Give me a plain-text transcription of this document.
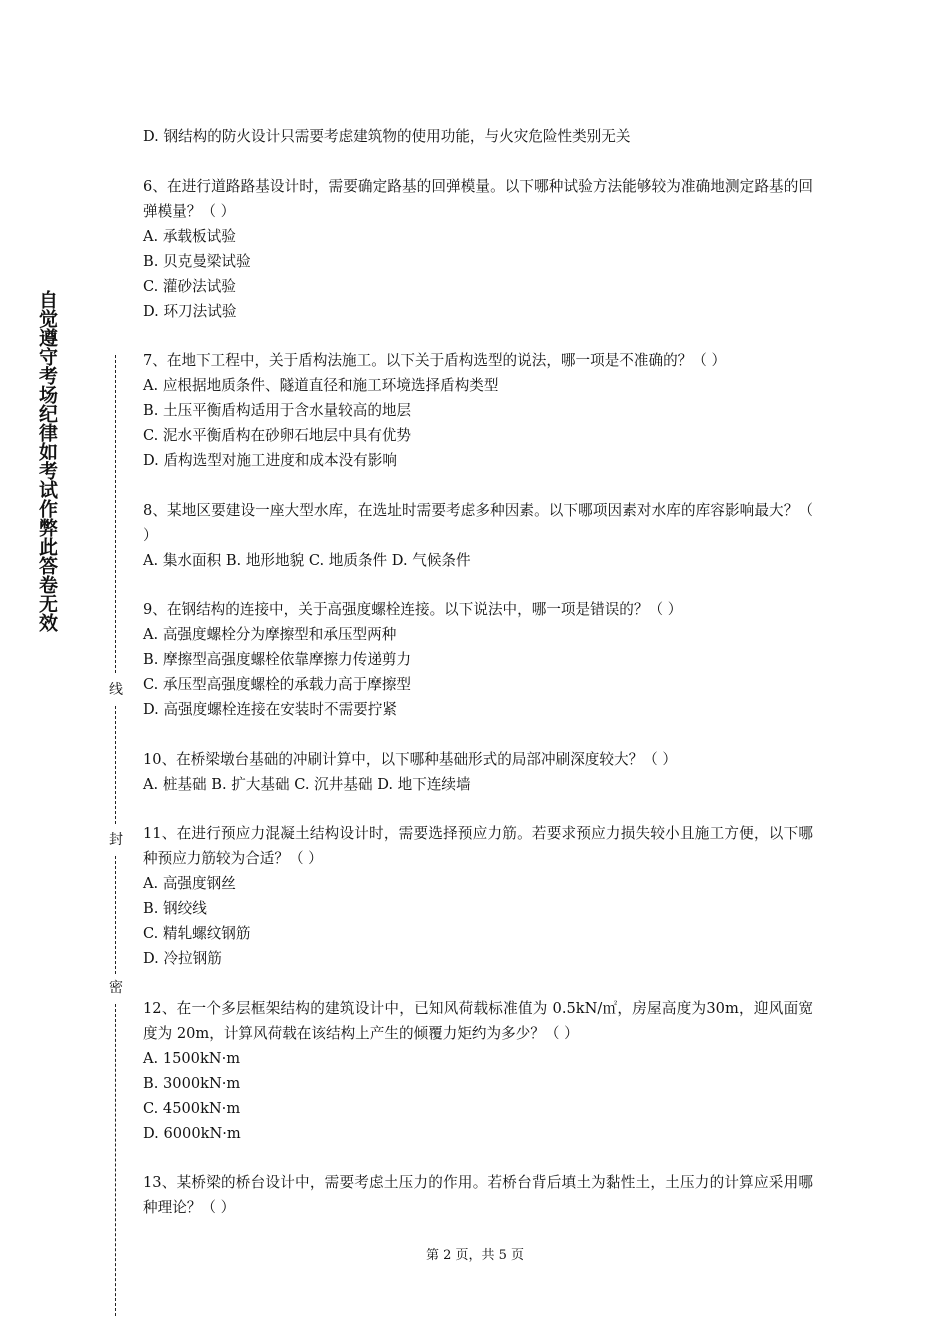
自觉遵守考场纪律如考试作弊此答卷无效
线
封
密
D. 钢结构的防火设计只需要考虑建筑物的使用功能，与火灾危险性类别无关
6、在进行道路路基设计时，需要确定路基的回弹模量。以下哪种试验方法能够较为准确地测定路基的回弹模量？（ ）
A. 承载板试验
B. 贝克曼梁试验
C. 灌砂法试验
D. 环刀法试验
7、在地下工程中，关于盾构法施工。以下关于盾构选型的说法，哪一项是不准确的？（ ）
A. 应根据地质条件、隧道直径和施工环境选择盾构类型
B. 土压平衡盾构适用于含水量较高的地层
C. 泥水平衡盾构在砂卵石地层中具有优势
D. 盾构选型对施工进度和成本没有影响
8、某地区要建设一座大型水库，在选址时需要考虑多种因素。以下哪项因素对水库的库容影响最大？（ ）
A. 集水面积 B. 地形地貌 C. 地质条件 D. 气候条件
9、在钢结构的连接中，关于高强度螺栓连接。以下说法中，哪一项是错误的？（ ）
A. 高强度螺栓分为摩擦型和承压型两种
B. 摩擦型高强度螺栓依靠摩擦力传递剪力
C. 承压型高强度螺栓的承载力高于摩擦型
D. 高强度螺栓连接在安装时不需要拧紧
10、在桥梁墩台基础的冲刷计算中，以下哪种基础形式的局部冲刷深度较大？（ ）
A. 桩基础 B. 扩大基础 C. 沉井基础 D. 地下连续墙
11、在进行预应力混凝土结构设计时，需要选择预应力筋。若要求预应力损失较小且施工方便，以下哪种预应力筋较为合适？（ ）
A. 高强度钢丝
B. 钢绞线
C. 精轧螺纹钢筋
D. 冷拉钢筋
12、在一个多层框架结构的建筑设计中，已知风荷载标准值为 0.5kN/㎡，房屋高度为30m，迎风面宽度为 20m，计算风荷载在该结构上产生的倾覆力矩约为多少？（ ）
A. 1500kN·m
B. 3000kN·m
C. 4500kN·m
D. 6000kN·m
13、某桥梁的桥台设计中，需要考虑土压力的作用。若桥台背后填土为黏性土，土压力的计算应采用哪种理论？（ ）
第 2 页，共 5 页
